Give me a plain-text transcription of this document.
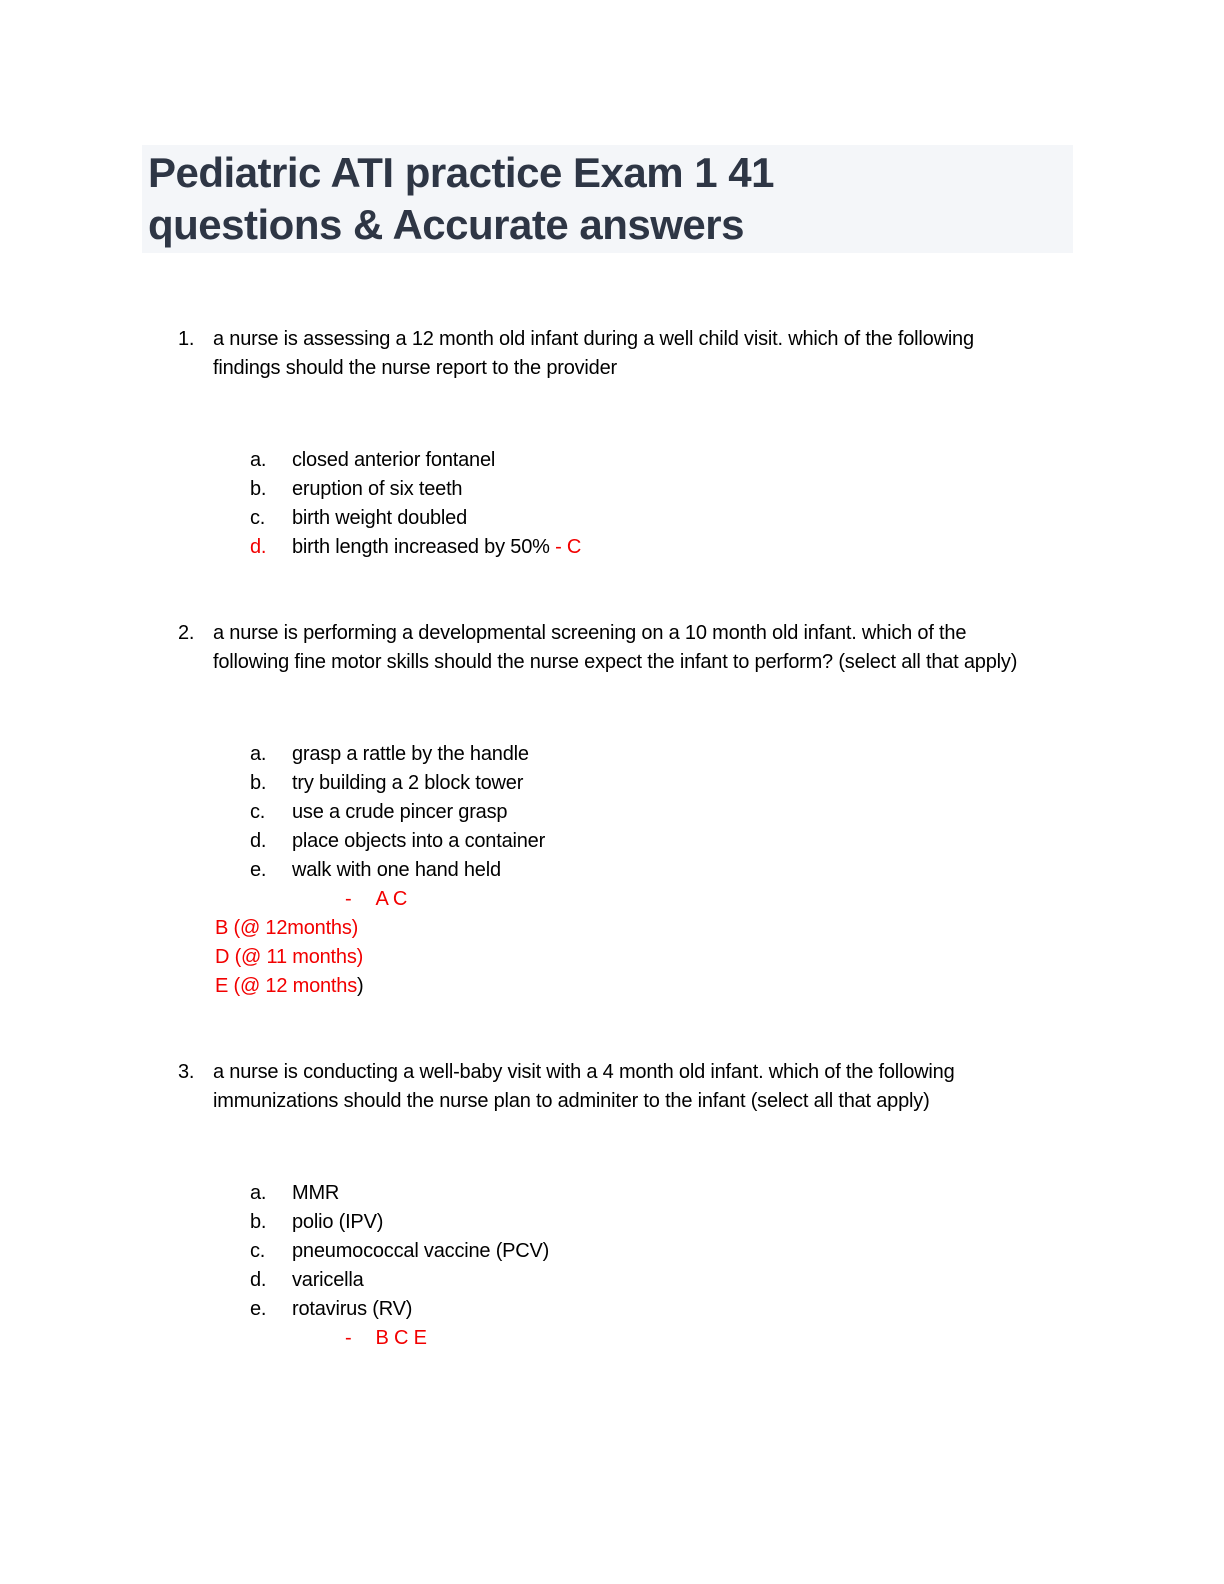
Pediatric ATI practice Exam 1 41
questions & Accurate answers
1. a nurse is assessing a 12 month old infant during a well child visit. which of the following
findings should the nurse report to the provider
a.	closed anterior fontanel
b.	eruption of six teeth
c.	birth weight doubled
d.	birth length increased by 50% - C
2. a nurse is performing a developmental screening on a 10 month old infant. which of the
following fine motor skills should the nurse expect the infant to perform? (select all that apply)
a.	grasp a rattle by the handle
b.	try building a 2 block tower
c.	use a crude pincer grasp
d.	place objects into a container
e.	walk with one hand held
- A C
B (@ 12months)
D (@ 11 months)
E (@ 12 months)
3. a nurse is conducting a well-baby visit with a 4 month old infant. which of the following
immunizations should the nurse plan to adminiter to the infant (select all that apply)
a.	MMR
b.	polio (IPV)
c.	pneumococcal vaccine (PCV)
d.	varicella
e.	rotavirus (RV)
- B C E
